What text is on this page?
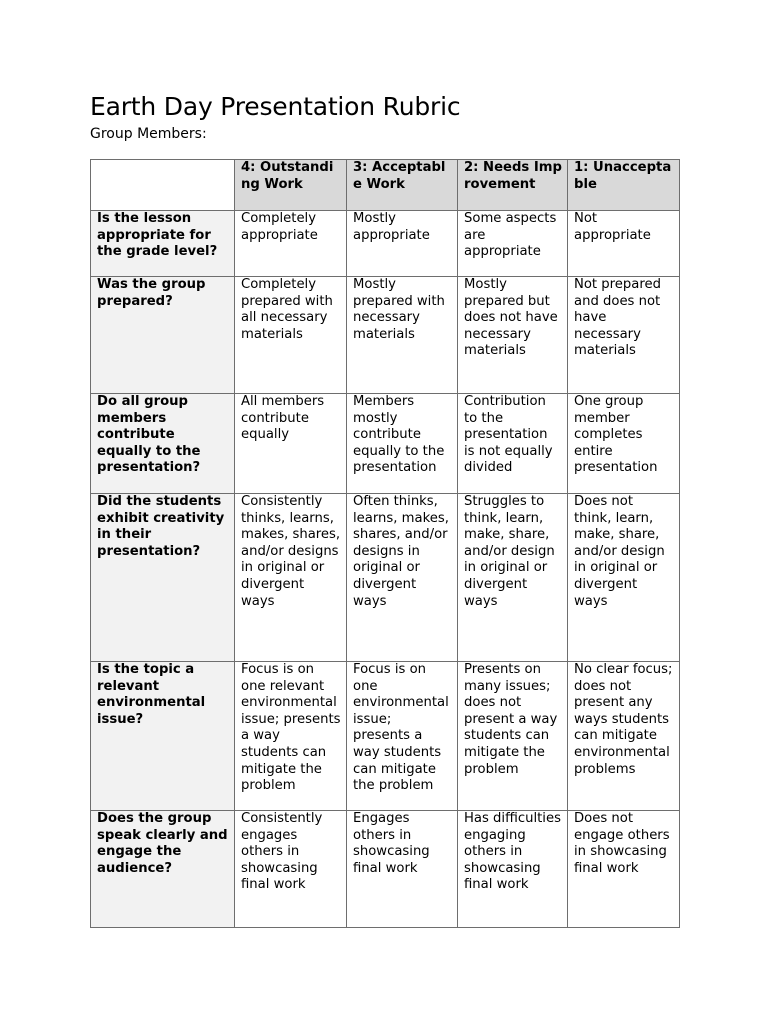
Earth Day Presentation Rubric

Group Members:

	4: Outstanding Work	3: Acceptable Work	2: Needs Improvement	1: Unacceptable
Is the lesson appropriate for the grade level?	Completely appropriate	Mostly appropriate	Some aspects are appropriate	Not appropriate
Was the group prepared?	Completely prepared with all necessary materials	Mostly prepared with necessary materials	Mostly prepared but does not have necessary materials	Not prepared and does not have necessary materials
Do all group members contribute equally to the presentation?	All members contribute equally	Members mostly contribute equally to the presentation	Contribution to the presentation is not equally divided	One group member completes entire presentation
Did the students exhibit creativity in their presentation?	Consistently thinks, learns, makes, shares, and/or designs in original or divergent ways	Often thinks, learns, makes, shares, and/or designs in original or divergent ways	Struggles to think, learn, make, share, and/or design in original or divergent ways	Does not think, learn, make, share, and/or design in original or divergent ways
Is the topic a relevant environmental issue?	Focus is on one relevant environmental issue; presents a way students can mitigate the problem	Focus is on one environmental issue; presents a way students can mitigate the problem	Presents on many issues; does not present a way students can mitigate the problem	No clear focus; does not present any ways students can mitigate environmental problems
Does the group speak clearly and engage the audience?	Consistently engages others in showcasing final work	Engages others in showcasing final work	Has difficulties engaging others in showcasing final work	Does not engage others in showcasing final work
